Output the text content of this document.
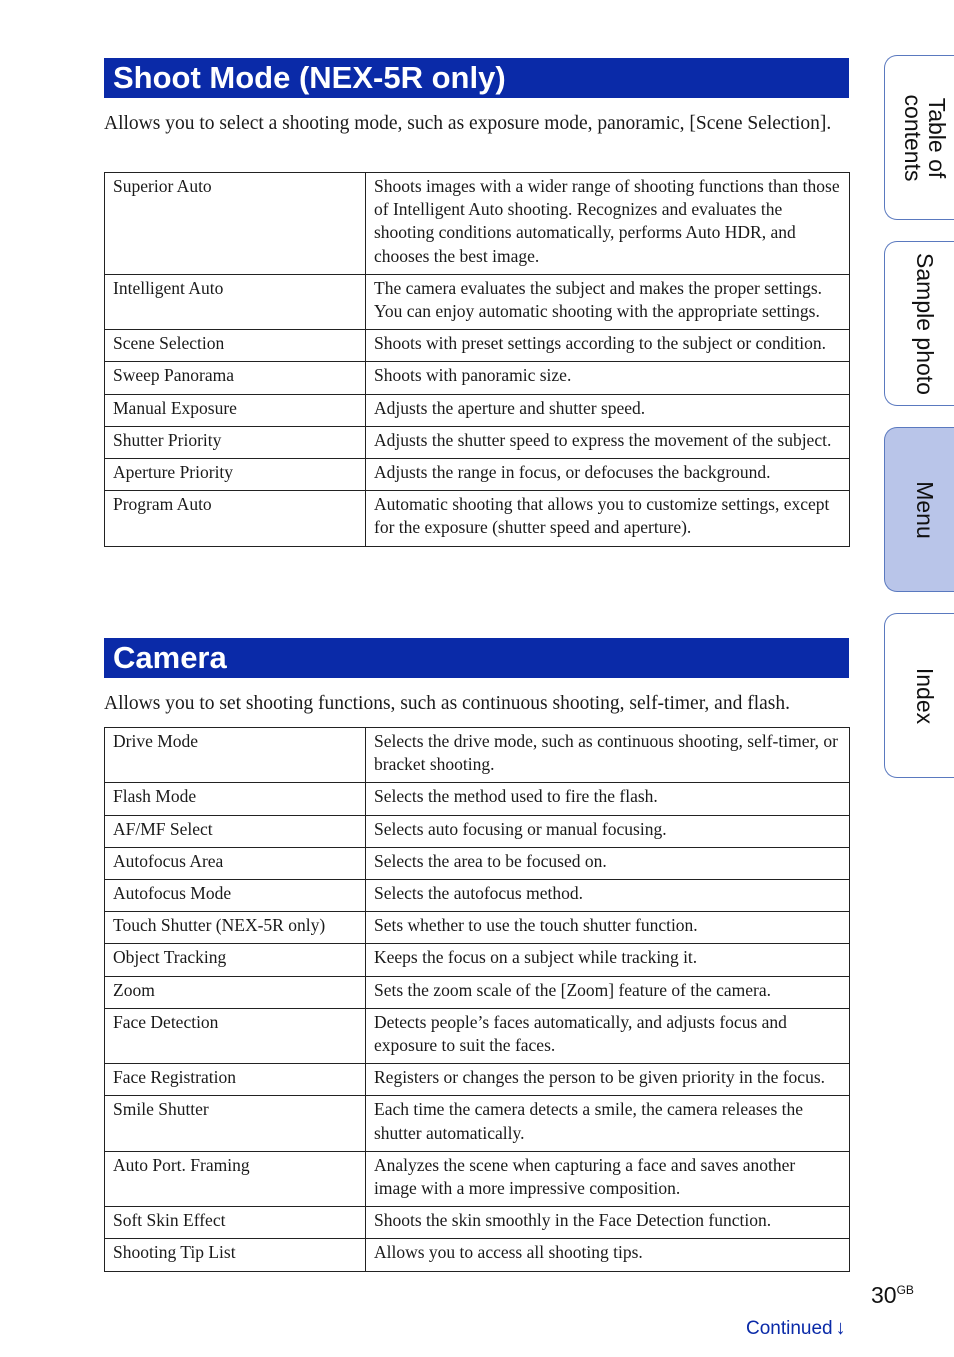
Shoot Mode (NEX-5R only)
Allows you to select a shooting mode, such as exposure mode, panoramic, [Scene Selection].
Superior Auto	Shoots images with a wider range of shooting functions than those of Intelligent Auto shooting. Recognizes and evaluates the shooting conditions automatically, performs Auto HDR, and chooses the best image.
Intelligent Auto	The camera evaluates the subject and makes the proper settings. You can enjoy automatic shooting with the appropriate settings.
Scene Selection	Shoots with preset settings according to the subject or condition.
Sweep Panorama	Shoots with panoramic size.
Manual Exposure	Adjusts the aperture and shutter speed.
Shutter Priority	Adjusts the shutter speed to express the movement of the subject.
Aperture Priority	Adjusts the range in focus, or defocuses the background.
Program Auto	Automatic shooting that allows you to customize settings, except for the exposure (shutter speed and aperture).
Camera
Allows you to set shooting functions, such as continuous shooting, self-timer, and flash.
Drive Mode	Selects the drive mode, such as continuous shooting, self-timer, or bracket shooting.
Flash Mode	Selects the method used to fire the flash.
AF/MF Select	Selects auto focusing or manual focusing.
Autofocus Area	Selects the area to be focused on.
Autofocus Mode	Selects the autofocus method.
Touch Shutter (NEX-5R only)	Sets whether to use the touch shutter function.
Object Tracking	Keeps the focus on a subject while tracking it.
Zoom	Sets the zoom scale of the [Zoom] feature of the camera.
Face Detection	Detects people’s faces automatically, and adjusts focus and exposure to suit the faces.
Face Registration	Registers or changes the person to be given priority in the focus.
Smile Shutter	Each time the camera detects a smile, the camera releases the shutter automatically.
Auto Port. Framing	Analyzes the scene when capturing a face and saves another image with a more impressive composition.
Soft Skin Effect	Shoots the skin smoothly in the Face Detection function.
Shooting Tip List	Allows you to access all shooting tips.
Table of
contents
Sample photo
Menu
Index
$30^{GB}$
Continued ↓
